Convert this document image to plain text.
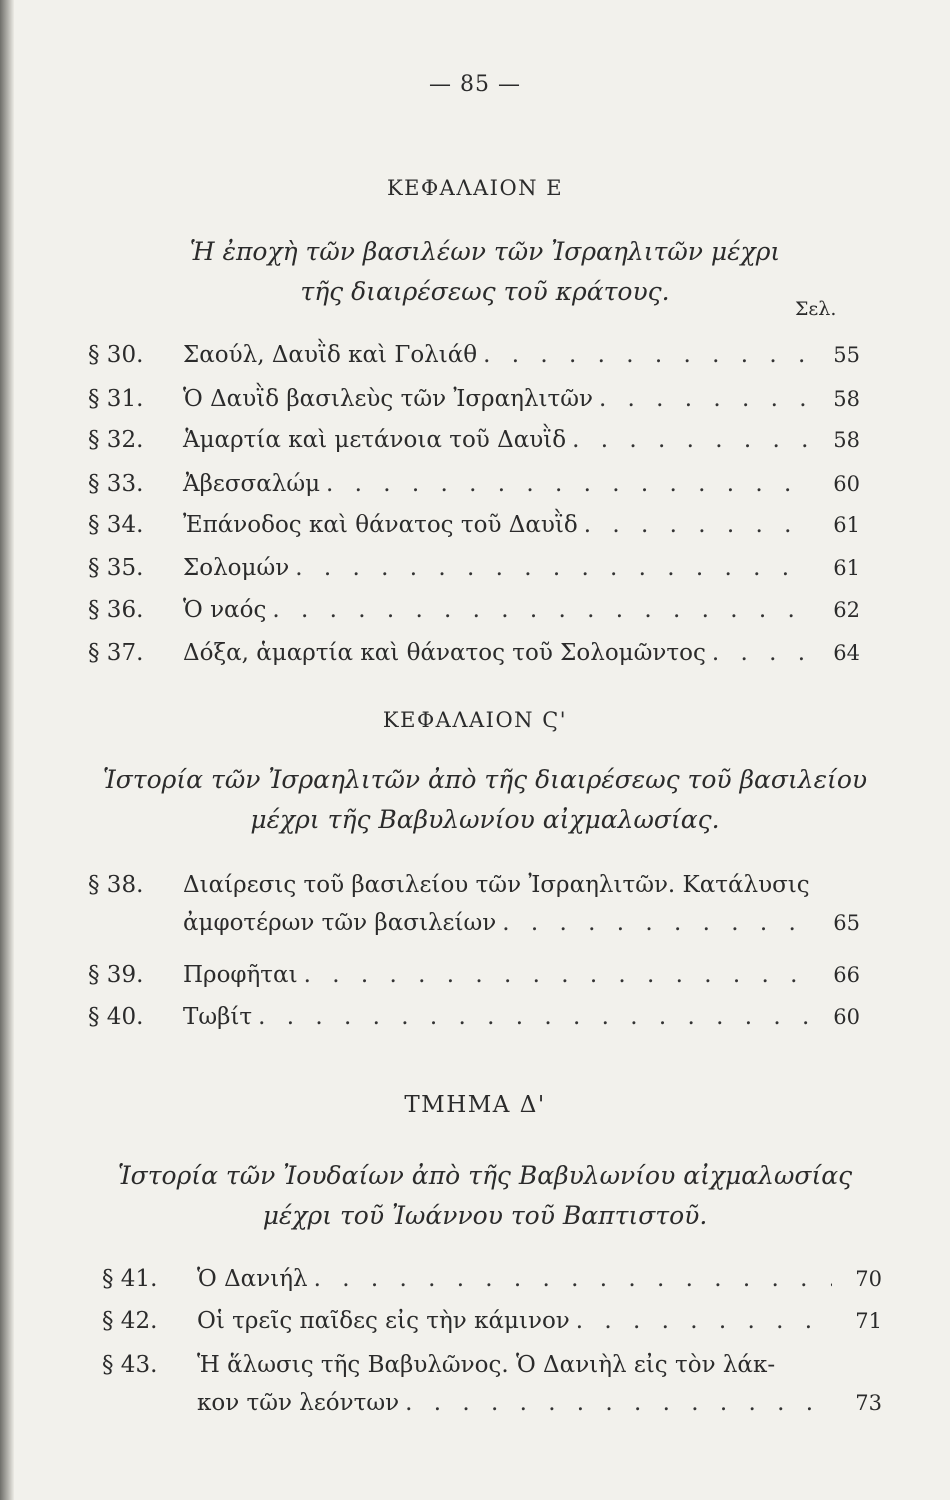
— 85 —
ΚΕΦΑΛΑΙΟΝ Ε
Ἡ ἐποχὴ τῶν βασιλέων τῶν Ἰσραηλιτῶν μέχρι
τῆς διαιρέσεως τοῦ κράτους.
Σελ.
§ 30.	Σαούλ, Δαυῒδ καὶ Γολιάθ . . .	55
§ 31.	Ὁ Δαυῒδ βασιλεὺς τῶν Ἰσραηλιτῶν . . .	58
§ 32.	Ἁμαρτία καὶ μετάνοια τοῦ Δαυῒδ . . .	58
§ 33.	Ἀβεσσαλώμ . . .	60
§ 34.	Ἐπάνοδος καὶ θάνατος τοῦ Δαυῒδ . . .	61
§ 35.	Σολομών . . .	61
§ 36.	Ὁ ναός . . .	62
§ 37.	Δόξα, ἁμαρτία καὶ θάνατος τοῦ Σολομῶντος . . .	64
ΚΕΦΑΛΑΙΟΝ Ϛ'
Ἱστορία τῶν Ἰσραηλιτῶν ἀπὸ τῆς διαιρέσεως τοῦ βασιλείου
μέχρι τῆς Βαβυλωνίου αἰχμαλωσίας.
§ 38.	Διαίρεσις τοῦ βασιλείου τῶν Ἰσραηλιτῶν. Κατάλυσις
ἀμφοτέρων τῶν βασιλείων . . .	65
§ 39.	Προφῆται . . .	66
§ 40.	Τωβίτ . . .	60
ΤΜΗΜΑ Δ'
Ἱστορία τῶν Ἰουδαίων ἀπὸ τῆς Βαβυλωνίου αἰχμαλωσίας
μέχρι τοῦ Ἰωάννου τοῦ Βαπτιστοῦ.
§ 41.	Ὁ Δανιήλ . . .	70
§ 42.	Οἱ τρεῖς παῖδες εἰς τὴν κάμινον . . .	71
§ 43.	Ἡ ἅλωσις τῆς Βαβυλῶνος. Ὁ Δανιὴλ εἰς τὸν λάκ-
κον τῶν λεόντων . . .	73
